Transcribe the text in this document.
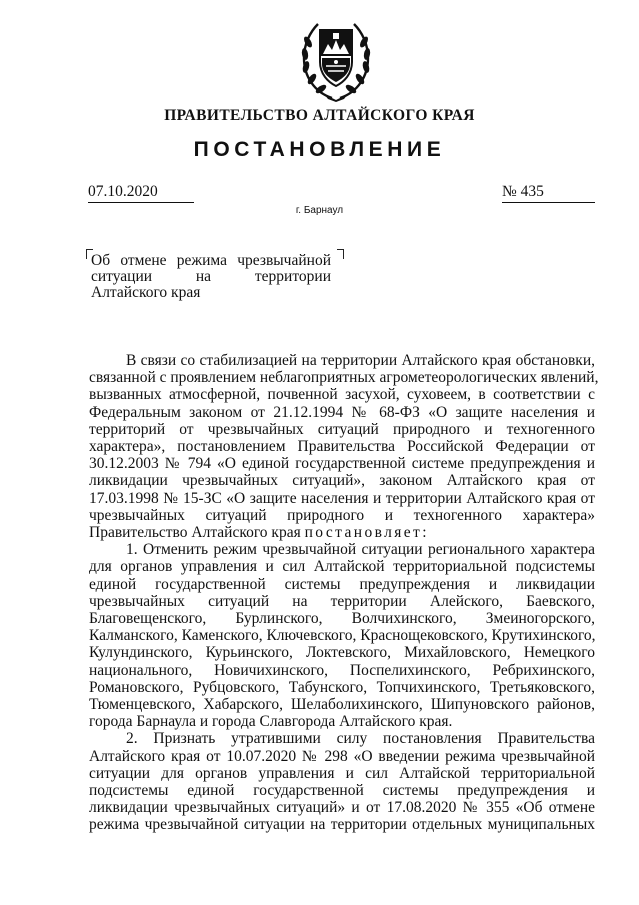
ПРАВИТЕЛЬСТВО АЛТАЙСКОГО КРАЯ
ПОСТАНОВЛЕНИЕ
07.10.2020	№ 435
г. Барнаул
Об отмене режима чрезвычайной
ситуации на территории
Алтайского края
В связи со стабилизацией на территории Алтайского края обстановки,
связанной с проявлением неблагоприятных агрометеорологических явлений,
вызванных атмосферной, почвенной засухой, суховеем, в соответствии с
Федеральным законом от 21.12.1994 № 68-ФЗ «О защите населения и
территорий от чрезвычайных ситуаций природного и техногенного
характера», постановлением Правительства Российской Федерации от
30.12.2003 № 794 «О единой государственной системе предупреждения и
ликвидации чрезвычайных ситуаций», законом Алтайского края от
17.03.1998 № 15-ЗС «О защите населения и территории Алтайского края от
чрезвычайных ситуаций природного и техногенного характера»
Правительство Алтайского края постановляет:
1. Отменить режим чрезвычайной ситуации регионального характера
для органов управления и сил Алтайской территориальной подсистемы
единой государственной системы предупреждения и ликвидации
чрезвычайных ситуаций на территории Алейского, Баевского,
Благовещенского, Бурлинского, Волчихинского, Змеиногорского,
Калманского, Каменского, Ключевского, Краснощековского, Крутихинского,
Кулундинского, Курьинского, Локтевского, Михайловского, Немецкого
национального, Новичихинского, Поспелихинского, Ребрихинского,
Романовского, Рубцовского, Табунского, Топчихинского, Третьяковского,
Тюменцевского, Хабарского, Шелаболихинского, Шипуновского районов,
города Барнаула и города Славгорода Алтайского края.
2. Признать утратившими силу постановления Правительства
Алтайского края от 10.07.2020 № 298 «О введении режима чрезвычайной
ситуации для органов управления и сил Алтайской территориальной
подсистемы единой государственной системы предупреждения и
ликвидации чрезвычайных ситуаций» и от 17.08.2020 № 355 «Об отмене
режима чрезвычайной ситуации на территории отдельных муниципальных
